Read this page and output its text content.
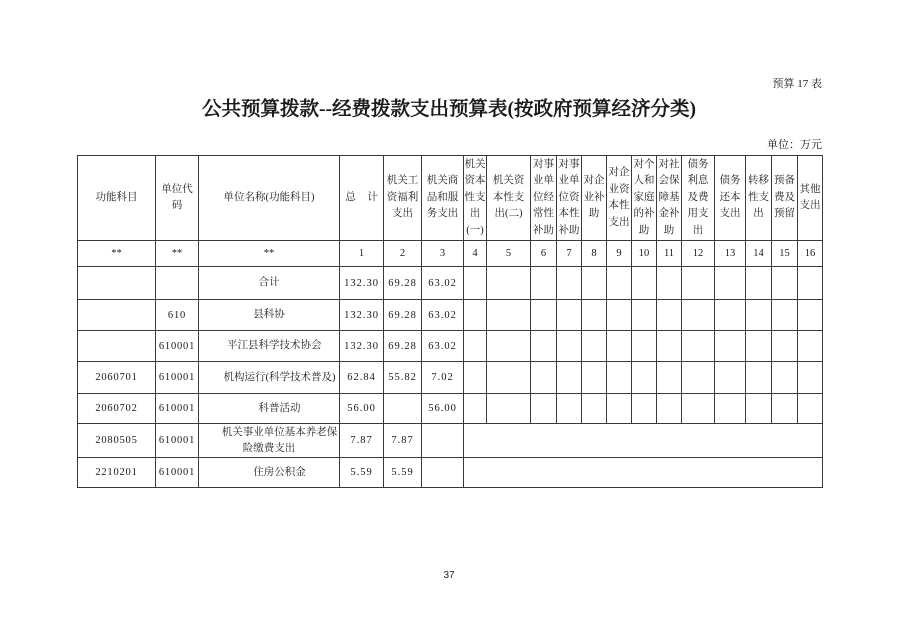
预算 17 表
公共预算拨款--经费拨款支出预算表(按政府预算经济分类)
单位：万元
功能科目	单位代码	单位名称(功能科目)	总 计	机关工资福利支出	机关商品和服务支出	机关资本性支出(一)	机关资本性支出(二)	对事业单位经常性补助	对事业单位资本性补助	对企业补助	对企业资本性支出	对个人和家庭的补助	对社会保障基金补助	债务利息及费用支出	债务还本支出	转移性支出	预备费及预留	其他支出
**	**	**	1	2	3	4	5	6	7	8	9	10	11	12	13	14	15	16
		合计	132.30	69.28	63.02													
	610	县科协	132.30	69.28	63.02													
	610001	平江县科学技术协会	132.30	69.28	63.02													
2060701	610001	机构运行(科学技术普及)	62.84	55.82	7.02													
2060702	610001	科普活动	56.00		56.00													
2080505	610001	机关事业单位基本养老保险缴费支出	7.87	7.87														
2210201	610001	住房公积金	5.59	5.59														
37
